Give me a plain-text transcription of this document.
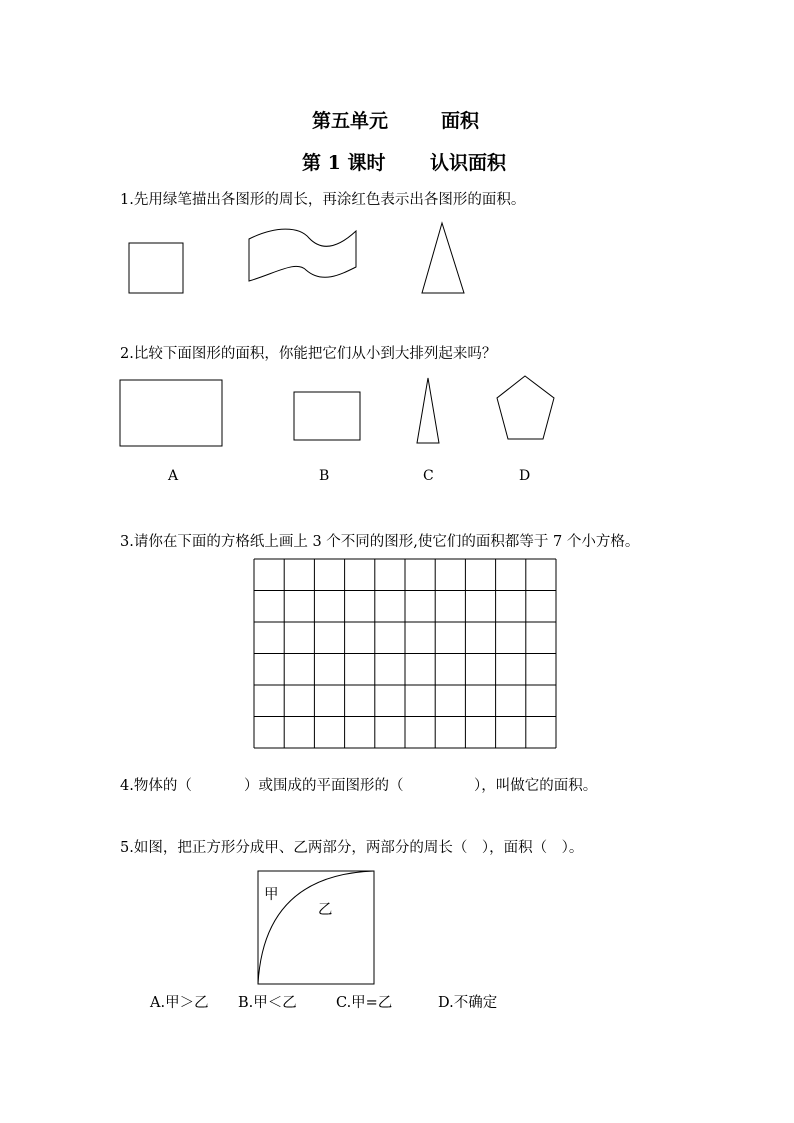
第五单元	面积
第 1 课时 认识面积
1.先用绿笔描出各图形的周长，再涂红色表示出各图形的面积。
2.比较下面图形的面积，你能把它们从小到大排列起来吗？
A	B	C	D
3.请你在下面的方格纸上画上 3 个不同的图形,使它们的面积都等于 7 个小方格。
4.物体的（	）或围成的平面图形的（	），叫做它的面积。
5.如图，把正方形分成甲、乙两部分，两部分的周长（　），面积（　）。
甲
乙
A.甲＞乙 B.甲＜乙	C.甲=乙	D.不确定
